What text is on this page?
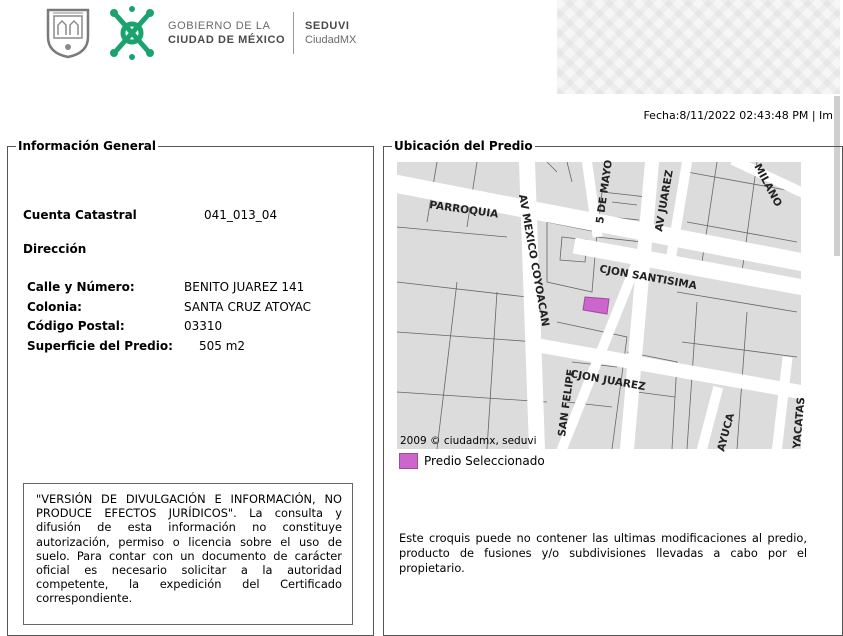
GOBIERNO DE LA
CIUDAD DE MÉXICO
SEDUVI
CiudadMX
Fecha:8/11/2022 02:43:48 PM | Im
Información General
Cuenta Catastral	041_013_04
Dirección
Calle y Número:	BENITO JUAREZ 141
Colonia:	SANTA CRUZ ATOYAC
Código Postal:	03310
Superficie del Predio: 505 m2
"VERSIÓN DE DIVULGACIÓN E INFORMACIÓN, NO PRODUCE EFECTOS JURÍDICOS". La consulta y difusión de esta información no constituye autorización, permiso o licencia sobre el uso de suelo. Para contar con un documento de carácter oficial es necesario solicitar a la autoridad competente, la expedición del Certificado correspondiente.
Ubicación del Predio
PARROQUIA AV MEXICO COYOACAN
5 DE MAYO	AV JUAREZ	MILANO
CJON SANTISIMA
CJON JUAREZ
SAN FELIPE	AYUCA	YACATAS
2009 © ciudadmx, seduvi
Predio Seleccionado
Este croquis puede no contener las ultimas modificaciones al predio, producto de fusiones y/o subdivisiones llevadas a cabo por el propietario.
